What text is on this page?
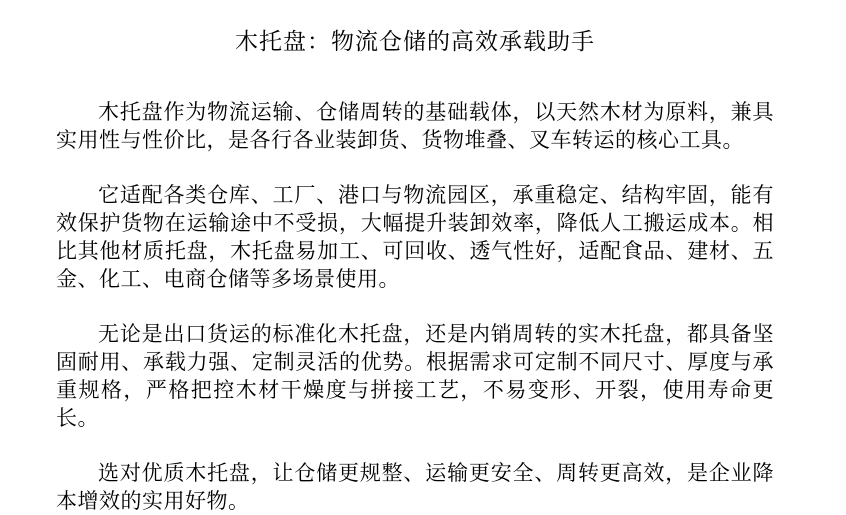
木托盘：物流仓储的高效承载助手

木托盘作为物流运输、仓储周转的基础载体，以天然木材为原料，兼具实用性与性价比，是各行各业装卸货、货物堆叠、叉车转运的核心工具。

它适配各类仓库、工厂、港口与物流园区，承重稳定、结构牢固，能有效保护货物在运输途中不受损，大幅提升装卸效率，降低人工搬运成本。相比其他材质托盘，木托盘易加工、可回收、透气性好，适配食品、建材、五金、化工、电商仓储等多场景使用。

无论是出口货运的标准化木托盘，还是内销周转的实木托盘，都具备坚固耐用、承载力强、定制灵活的优势。根据需求可定制不同尺寸、厚度与承重规格，严格把控木材干燥度与拼接工艺，不易变形、开裂，使用寿命更长。

选对优质木托盘，让仓储更规整、运输更安全、周转更高效，是企业降本增效的实用好物。
